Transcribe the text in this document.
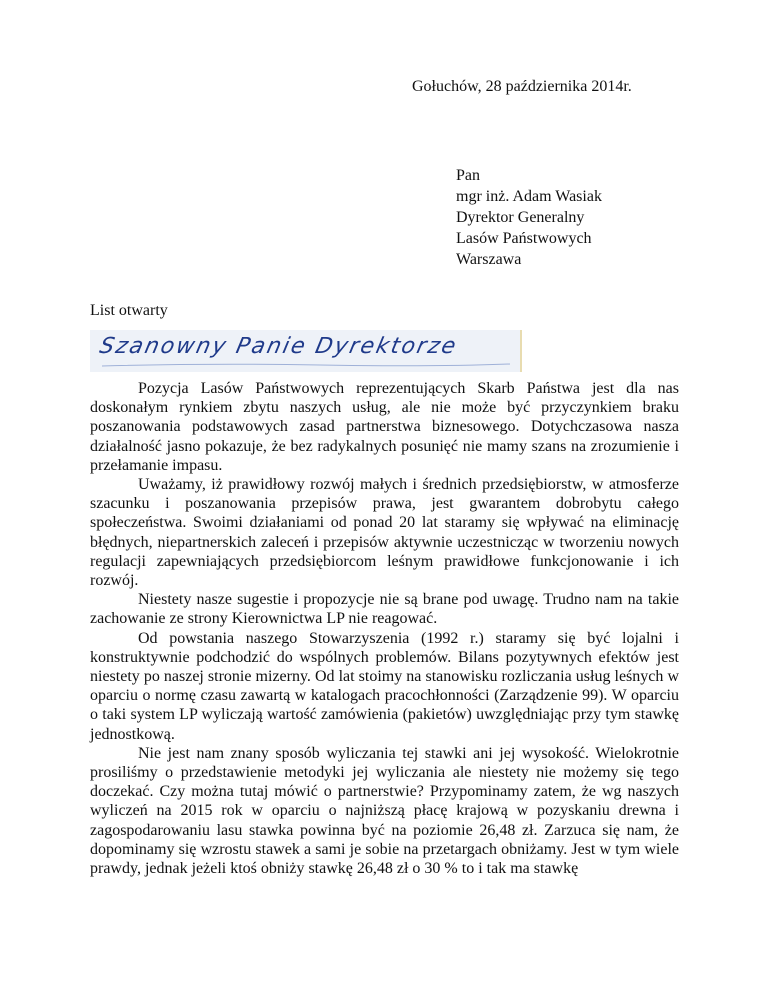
Gołuchów, 28 października 2014r.
Pan
mgr inż. Adam Wasiak
Dyrektor Generalny
Lasów Państwowych
Warszawa
List otwarty
Szanowny Panie Dyrektorze

Pozycja Lasów Państwowych reprezentujących Skarb Państwa jest dla nas doskonałym rynkiem zbytu naszych usług, ale nie może być przyczynkiem braku poszanowania podstawowych zasad partnerstwa biznesowego. Dotychczasowa nasza działalność jasno pokazuje, że bez radykalnych posunięć nie mamy szans na zrozumienie i przełamanie impasu.

Uważamy, iż prawidłowy rozwój małych i średnich przedsiębiorstw, w atmosferze szacunku i poszanowania przepisów prawa, jest gwarantem dobrobytu całego społeczeństwa. Swoimi działaniami od ponad 20 lat staramy się wpływać na eliminację błędnych, niepartnerskich zaleceń i przepisów aktywnie uczestnicząc w tworzeniu nowych regulacji zapewniających przedsiębiorcom leśnym prawidłowe funkcjonowanie i ich rozwój.

Niestety nasze sugestie i propozycje nie są brane pod uwagę. Trudno nam na takie zachowanie ze strony Kierownictwa LP nie reagować.

Od powstania naszego Stowarzyszenia (1992 r.) staramy się być lojalni i konstruktywnie podchodzić do wspólnych problemów. Bilans pozytywnych efektów jest niestety po naszej stronie mizerny. Od lat stoimy na stanowisku rozliczania usług leśnych w oparciu o normę czasu zawartą w katalogach pracochłonności (Zarządzenie 99). W oparciu o taki system LP wyliczają wartość zamówienia (pakietów) uwzględniając przy tym stawkę jednostkową.

Nie jest nam znany sposób wyliczania tej stawki ani jej wysokość. Wielokrotnie prosiliśmy o przedstawienie metodyki jej wyliczania ale niestety nie możemy się tego doczekać. Czy można tutaj mówić o partnerstwie? Przypominamy zatem, że wg naszych wyliczeń na 2015 rok w oparciu o najniższą płacę krajową w pozyskaniu drewna i zagospodarowaniu lasu stawka powinna być na poziomie 26,48 zł. Zarzuca się nam, że dopominamy się wzrostu stawek a sami je sobie na przetargach obniżamy. Jest w tym wiele prawdy, jednak jeżeli ktoś obniży stawkę 26,48 zł o 30 % to i tak ma stawkę
